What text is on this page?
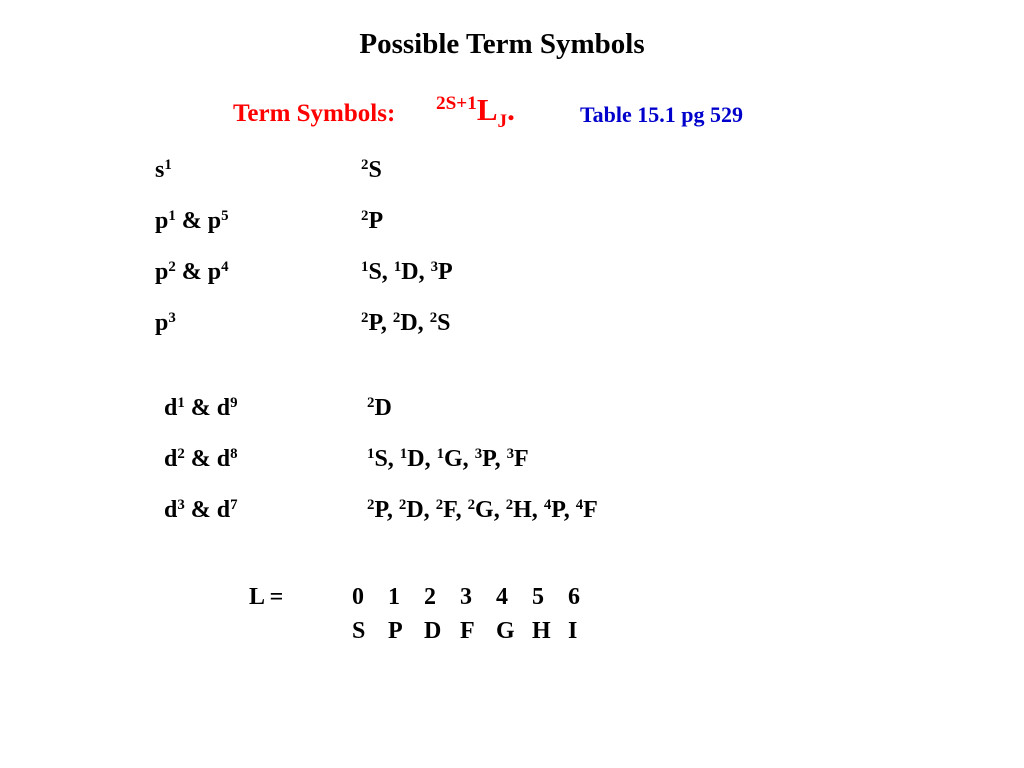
Possible Term Symbols
Term Symbols: $^{2S+1}L_J$.	Table 15.1 pg 529
$s^1$	$^2$S
$p^1$ & $p^5$	$^2$P
$p^2$ & $p^4$	$^1$S, $^1$D, $^3$P
$p^3$	$^2$P, $^2$D, $^2$S
$d^1$ & $d^9$	$^2$D
$d^2$ & $d^8$	$^1$S, $^1$D, $^1$G, $^3$P, $^3$F
$d^3$ & $d^7$	$^2$P, $^2$D, $^2$F, $^2$G, $^2$H, $^4$P, $^4$F
L =	0	1	2	3	4	5	6
S P D F G H I
